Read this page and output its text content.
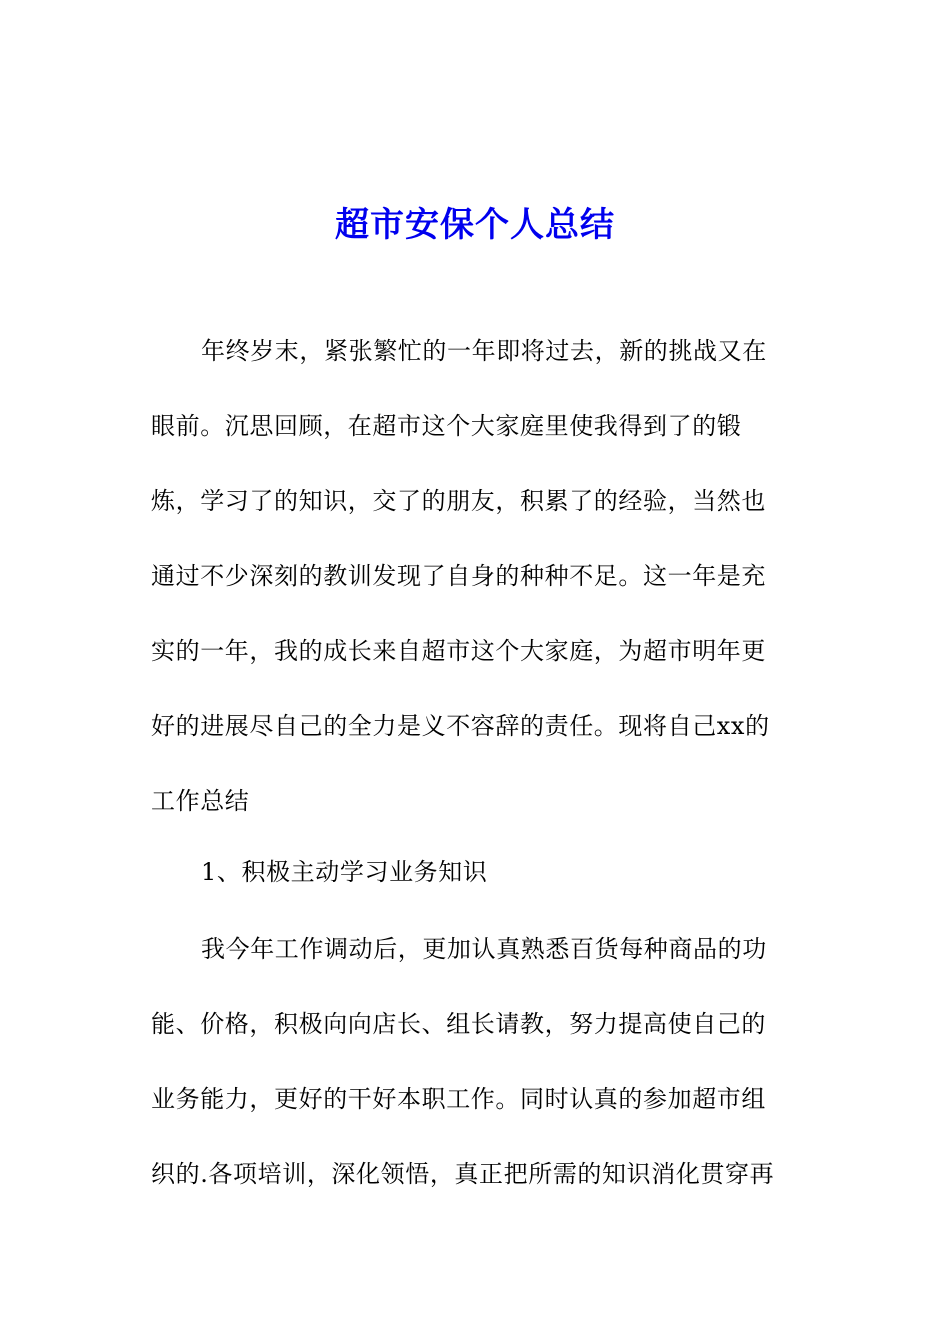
超市安保个人总结
年终岁末，紧张繁忙的一年即将过去，新的挑战又在
眼前。沉思回顾，在超市这个大家庭里使我得到了的锻
炼，学习了的知识，交了的朋友，积累了的经验，当然也
通过不少深刻的教训发现了自身的种种不足。这一年是充
实的一年，我的成长来自超市这个大家庭，为超市明年更
好的进展尽自己的全力是义不容辞的责任。现将自己xx的
工作总结
1、积极主动学习业务知识
我今年工作调动后，更加认真熟悉百货每种商品的功
能、价格，积极向向店长、组长请教，努力提高使自己的
业务能力，更好的干好本职工作。同时认真的参加超市组
织的.各项培训，深化领悟，真正把所需的知识消化贯穿再
